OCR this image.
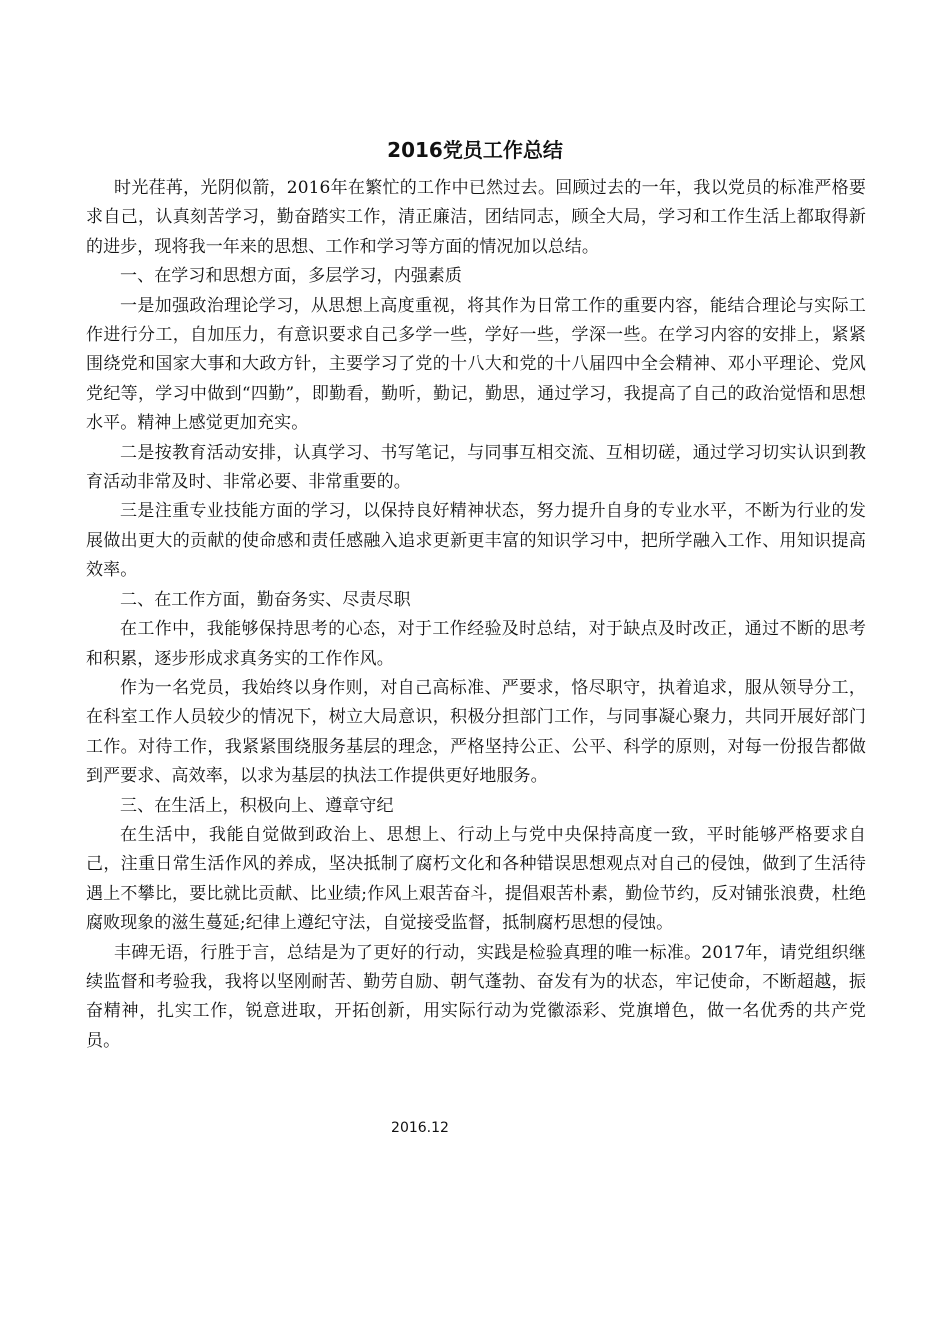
2016党员工作总结

时光荏苒，光阴似箭，2016年在繁忙的工作中已然过去。回顾过去的一年，我以党员的标准严格要求自己，认真刻苦学习，勤奋踏实工作，清正廉洁，团结同志，顾全大局，学习和工作生活上都取得新的进步，现将我一年来的思想、工作和学习等方面的情况加以总结。

一、在学习和思想方面，多层学习，内强素质

一是加强政治理论学习，从思想上高度重视，将其作为日常工作的重要内容，能结合理论与实际工作进行分工，自加压力，有意识要求自己多学一些，学好一些，学深一些。在学习内容的安排上，紧紧围绕党和国家大事和大政方针，主要学习了党的十八大和党的十八届四中全会精神、邓小平理论、党风党纪等，学习中做到“四勤”，即勤看，勤听，勤记，勤思，通过学习，我提高了自己的政治觉悟和思想水平。精神上感觉更加充实。

二是按教育活动安排，认真学习、书写笔记，与同事互相交流、互相切磋，通过学习切实认识到教育活动非常及时、非常必要、非常重要的。

三是注重专业技能方面的学习，以保持良好精神状态，努力提升自身的专业水平，不断为行业的发展做出更大的贡献的使命感和责任感融入追求更新更丰富的知识学习中，把所学融入工作、用知识提高效率。

二、在工作方面，勤奋务实、尽责尽职

在工作中，我能够保持思考的心态，对于工作经验及时总结，对于缺点及时改正，通过不断的思考和积累，逐步形成求真务实的工作作风。

作为一名党员，我始终以身作则，对自己高标准、严要求，恪尽职守，执着追求，服从领导分工，在科室工作人员较少的情况下，树立大局意识，积极分担部门工作，与同事凝心聚力，共同开展好部门工作。对待工作，我紧紧围绕服务基层的理念，严格坚持公正、公平、科学的原则，对每一份报告都做到严要求、高效率，以求为基层的执法工作提供更好地服务。

三、在生活上，积极向上、遵章守纪

在生活中，我能自觉做到政治上、思想上、行动上与党中央保持高度一致，平时能够严格要求自己，注重日常生活作风的养成，坚决抵制了腐朽文化和各种错误思想观点对自己的侵蚀，做到了生活待遇上不攀比，要比就比贡献、比业绩;作风上艰苦奋斗，提倡艰苦朴素，勤俭节约，反对铺张浪费，杜绝腐败现象的滋生蔓延;纪律上遵纪守法，自觉接受监督，抵制腐朽思想的侵蚀。

丰碑无语，行胜于言，总结是为了更好的行动，实践是检验真理的唯一标准。2017年，请党组织继续监督和考验我，我将以坚刚耐苦、勤劳自励、朝气蓬勃、奋发有为的状态，牢记使命，不断超越，振奋精神，扎实工作，锐意进取，开拓创新，用实际行动为党徽添彩、党旗增色，做一名优秀的共产党员。

2016.12
